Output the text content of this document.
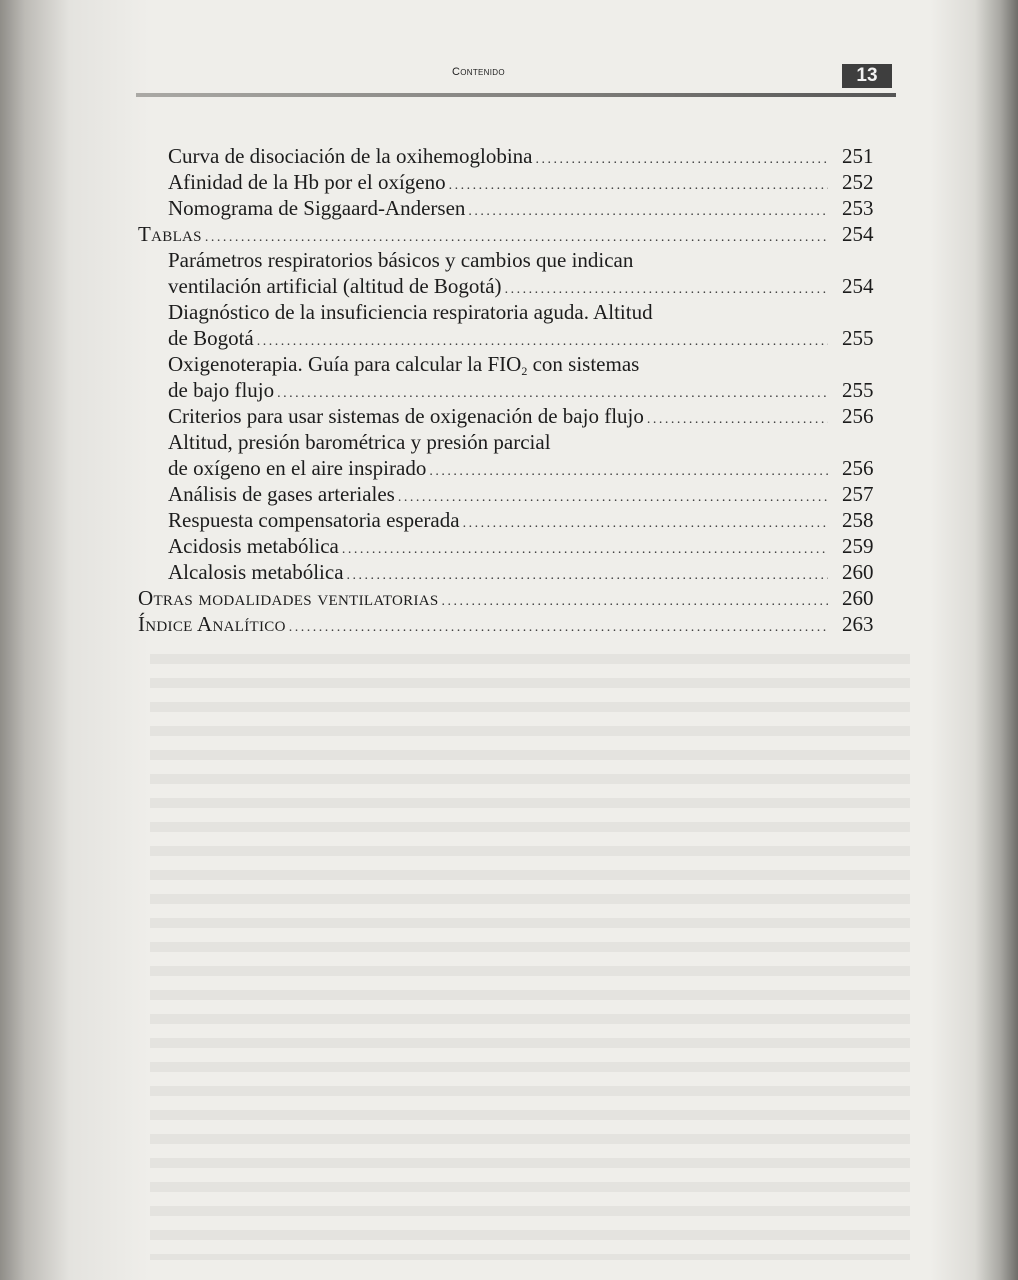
Contenido	13
Curva de disociación de la oxihemoglobina .....	251
Afinidad de la Hb por el oxígeno .....	252
Nomograma de Siggaard-Andersen .....	253
Tablas .....	254
Parámetros respiratorios básicos y cambios que indican
ventilación artificial (altitud de Bogotá) .....	254
Diagnóstico de la insuficiencia respiratoria aguda. Altitud
de Bogotá .....	255
Oxigenoterapia. Guía para calcular la $FIO_2$ con sistemas
de bajo flujo .....	255
Criterios para usar sistemas de oxigenación de bajo flujo .....	256
Altitud, presión barométrica y presión parcial
de oxígeno en el aire inspirado .....	256
Análisis de gases arteriales .....	257
Respuesta compensatoria esperada .....	258
Acidosis metabólica .....	259
Alcalosis metabólica .....	260
Otras modalidades ventilatorias .....	260
Índice Analítico .....	263
